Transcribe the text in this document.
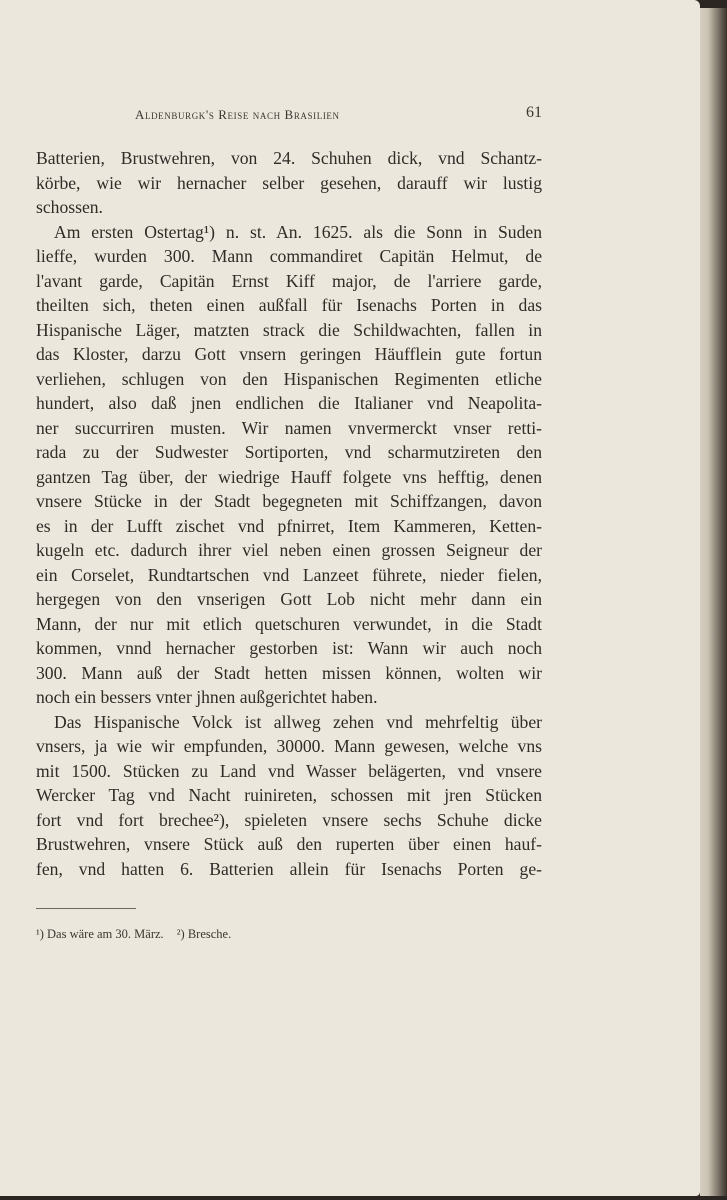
Aldenburgk's Reise nach Brasilien	61

Batterien, Brustwehren, von 24. Schuhen dick, vnd Schantz-
körbe, wie wir hernacher selber gesehen, darauff wir lustig
schossen.

Am ersten Ostertag¹) n. st. An. 1625. als die Sonn in Suden
lieffe, wurden 300. Mann commandiret Capitän Helmut, de
l'avant garde, Capitän Ernst Kiff major, de l'arriere garde,
theilten sich, theten einen außfall für Isenachs Porten in das
Hispanische Läger, matzten strack die Schildwachten, fallen in
das Kloster, darzu Gott vnsern geringen Häufflein gute fortun
verliehen, schlugen von den Hispanischen Regimenten etliche
hundert, also daß jnen endlichen die Italianer vnd Neapolita-
ner succurriren musten. Wir namen vnvermerckt vnser retti-
rada zu der Sudwester Sortiporten, vnd scharmutzireten den
gantzen Tag über, der wiedrige Hauff folgete vns hefftig, denen
vnsere Stücke in der Stadt begegneten mit Schiffzangen, davon
es in der Lufft zischet vnd pfnirret, Item Kammeren, Ketten-
kugeln etc. dadurch ihrer viel neben einen grossen Seigneur der
ein Corselet, Rundtartschen vnd Lanzeet führete, nieder fielen,
hergegen von den vnserigen Gott Lob nicht mehr dann ein
Mann, der nur mit etlich quetschuren verwundet, in die Stadt
kommen, vnnd hernacher gestorben ist: Wann wir auch noch
300. Mann auß der Stadt hetten missen können, wolten wir
noch ein bessers vnter jhnen außgerichtet haben.

Das Hispanische Volck ist allweg zehen vnd mehrfeltig über
vnsers, ja wie wir empfunden, 30000. Mann gewesen, welche vns
mit 1500. Stücken zu Land vnd Wasser belägerten, vnd vnsere
Wercker Tag vnd Nacht ruinireten, schossen mit jren Stücken
fort vnd fort brechee²), spieleten vnsere sechs Schuhe dicke
Brustwehren, vnsere Stück auß den ruperten über einen hauf-
fen, vnd hatten 6. Batterien allein für Isenachs Porten ge-

¹) Das wäre am 30. März. ²) Bresche.
